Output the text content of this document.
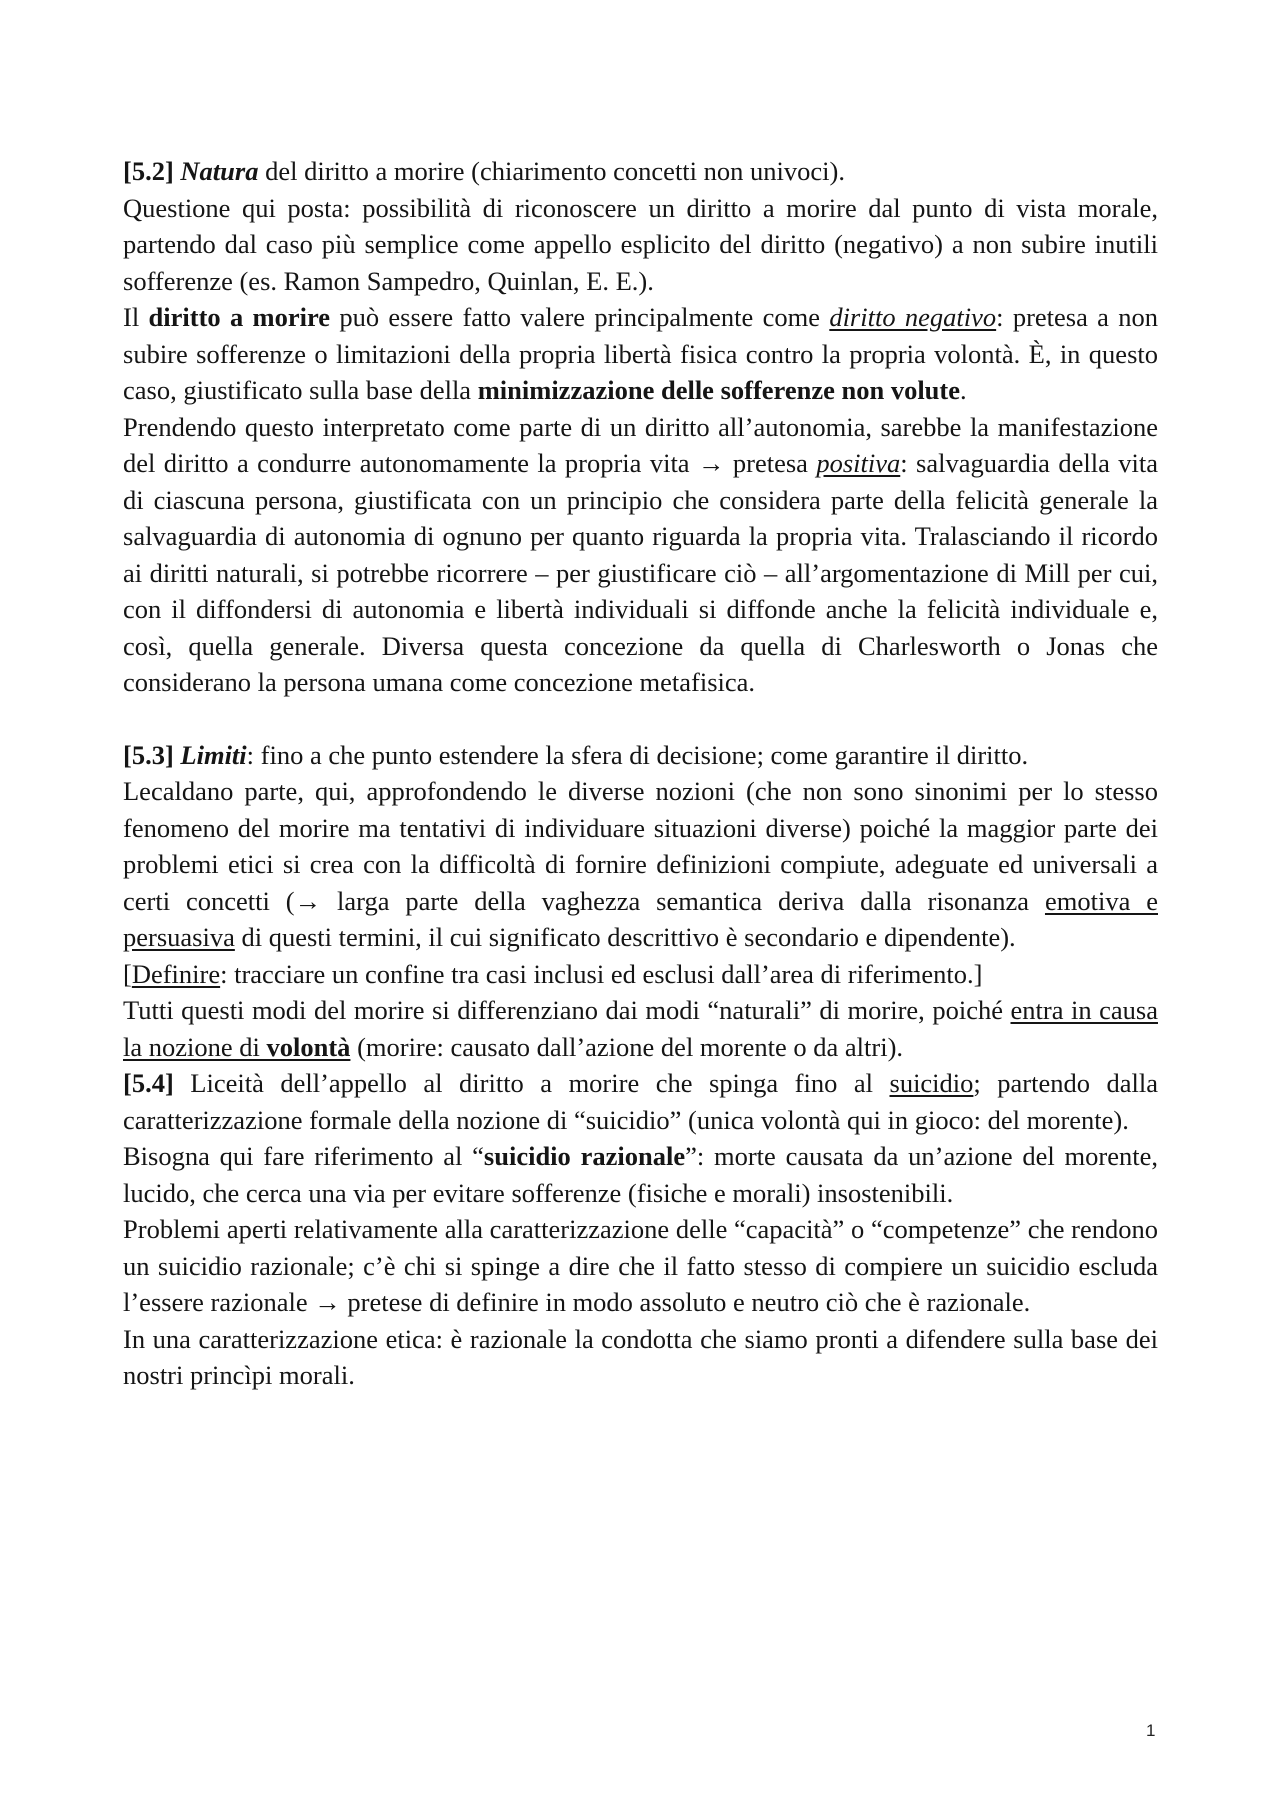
[5.2] Natura del diritto a morire (chiarimento concetti non univoci).

Questione qui posta: possibilità di riconoscere un diritto a morire dal punto di vista morale, partendo dal caso più semplice come appello esplicito del diritto (negativo) a non subire inutili sofferenze (es. Ramon Sampedro, Quinlan, E. E.).

Il diritto a morire può essere fatto valere principalmente come diritto negativo: pretesa a non subire sofferenze o limitazioni della propria libertà fisica contro la propria volontà. È, in questo caso, giustificato sulla base della minimizzazione delle sofferenze non volute.

Prendendo questo interpretato come parte di un diritto all’autonomia, sarebbe la manifestazione del diritto a condurre autonomamente la propria vita → pretesa positiva: salvaguardia della vita di ciascuna persona, giustificata con un principio che considera parte della felicità generale la salvaguardia di autonomia di ognuno per quanto riguarda la propria vita. Tralasciando il ricordo ai diritti naturali, si potrebbe ricorrere – per giustificare ciò – all’argomentazione di Mill per cui, con il diffondersi di autonomia e libertà individuali si diffonde anche la felicità individuale e, così, quella generale. Diversa questa concezione da quella di Charlesworth o Jonas che considerano la persona umana come concezione metafisica.

[5.3] Limiti: fino a che punto estendere la sfera di decisione; come garantire il diritto.

Lecaldano parte, qui, approfondendo le diverse nozioni (che non sono sinonimi per lo stesso fenomeno del morire ma tentativi di individuare situazioni diverse) poiché la maggior parte dei problemi etici si crea con la difficoltà di fornire definizioni compiute, adeguate ed universali a certi concetti (→ larga parte della vaghezza semantica deriva dalla risonanza emotiva e persuasiva di questi termini, il cui significato descrittivo è secondario e dipendente).

[Definire: tracciare un confine tra casi inclusi ed esclusi dall’area di riferimento.]

Tutti questi modi del morire si differenziano dai modi “naturali” di morire, poiché entra in causa la nozione di volontà (morire: causato dall’azione del morente o da altri).

[5.4] Liceità dell’appello al diritto a morire che spinga fino al suicidio; partendo dalla caratterizzazione formale della nozione di “suicidio” (unica volontà qui in gioco: del morente).

Bisogna qui fare riferimento al “suicidio razionale”: morte causata da un’azione del morente, lucido, che cerca una via per evitare sofferenze (fisiche e morali) insostenibili.

Problemi aperti relativamente alla caratterizzazione delle “capacità” o “competenze” che rendono un suicidio razionale; c’è chi si spinge a dire che il fatto stesso di compiere un suicidio escluda l’essere razionale → pretese di definire in modo assoluto e neutro ciò che è razionale.

In una caratterizzazione etica: è razionale la condotta che siamo pronti a difendere sulla base dei nostri princìpi morali.

1
